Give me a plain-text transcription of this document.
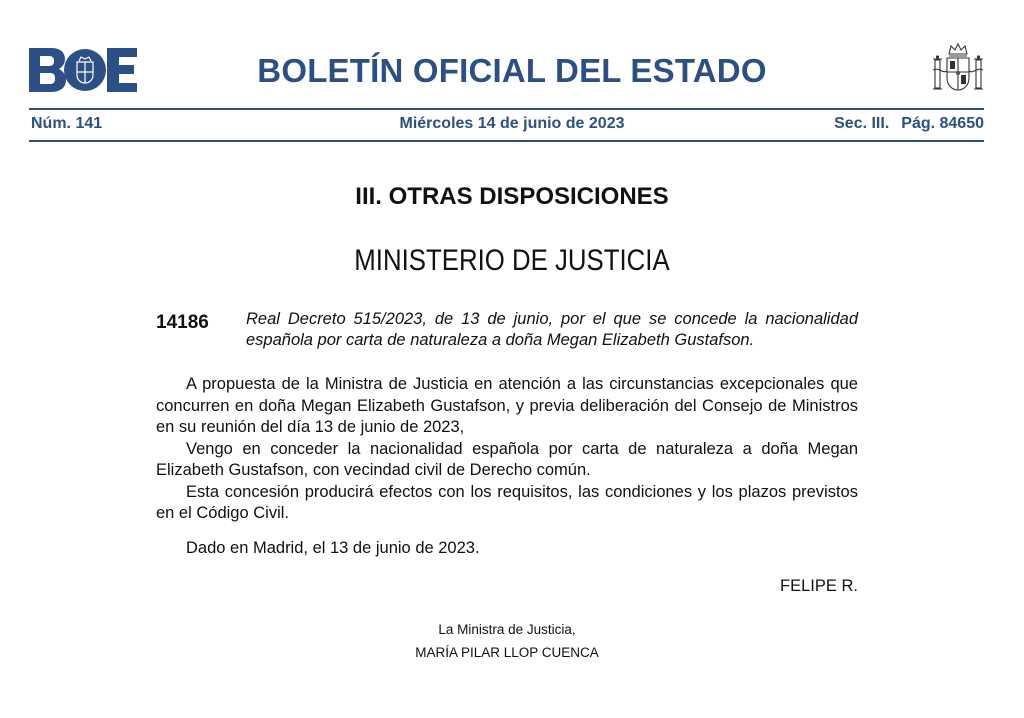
BOLETÍN OFICIAL DEL ESTADO
Núm. 141	Miércoles 14 de junio de 2023	Sec. III. Pág. 84650
III. OTRAS DISPOSICIONES
MINISTERIO DE JUSTICIA
14186 Real Decreto 515/2023, de 13 de junio, por el que se concede la nacionalidad española por carta de naturaleza a doña Megan Elizabeth Gustafson.

A propuesta de la Ministra de Justicia en atención a las circunstancias excepcionales que concurren en doña Megan Elizabeth Gustafson, y previa deliberación del Consejo de Ministros en su reunión del día 13 de junio de 2023,

Vengo en conceder la nacionalidad española por carta de naturaleza a doña Megan Elizabeth Gustafson, con vecindad civil de Derecho común.

Esta concesión producirá efectos con los requisitos, las condiciones y los plazos previstos en el Código Civil.

Dado en Madrid, el 13 de junio de 2023.
FELIPE R.
La Ministra de Justicia,
MARÍA PILAR LLOP CUENCA
